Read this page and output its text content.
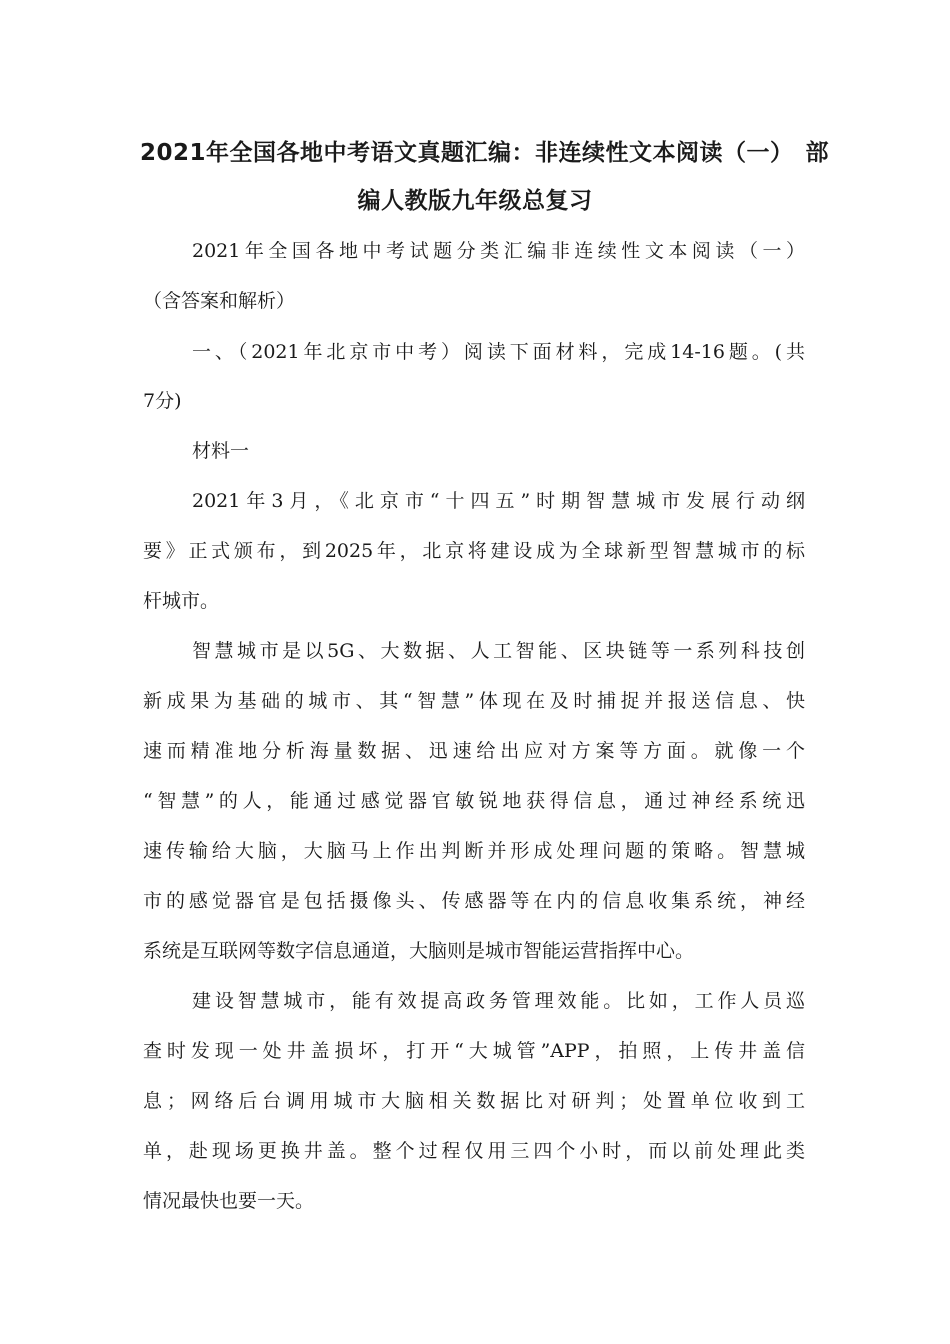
2021年全国各地中考语文真题汇编：非连续性文本阅读（一）　部
编人教版九年级总复习
2021年全国各地中考试题分类汇编非连续性文本阅读（一）
（含答案和解析）
一、（2021年北京市中考）阅读下面材料，完成14-16题。(共
7分)
材料一
2021年3月，《北京市“十四五”时期智慧城市发展行动纲
要》正式颁布，到2025年，北京将建设成为全球新型智慧城市的标
杆城市。
智慧城市是以5G、大数据、人工智能、区块链等一系列科技创
新成果为基础的城市、其“智慧”体现在及时捕捉并报送信息、快
速而精准地分析海量数据、迅速给出应对方案等方面。就像一个
“智慧”的人，能通过感觉器官敏锐地获得信息，通过神经系统迅
速传输给大脑，大脑马上作出判断并形成处理问题的策略。智慧城
市的感觉器官是包括摄像头、传感器等在内的信息收集系统，神经
系统是互联网等数字信息通道，大脑则是城市智能运营指挥中心。
建设智慧城市，能有效提高政务管理效能。比如，工作人员巡
查时发现一处井盖损坏，打开“大城管”APP，拍照，上传井盖信
息；网络后台调用城市大脑相关数据比对研判；处置单位收到工
单，赴现场更换井盖。整个过程仅用三四个小时，而以前处理此类
情况最快也要一天。
